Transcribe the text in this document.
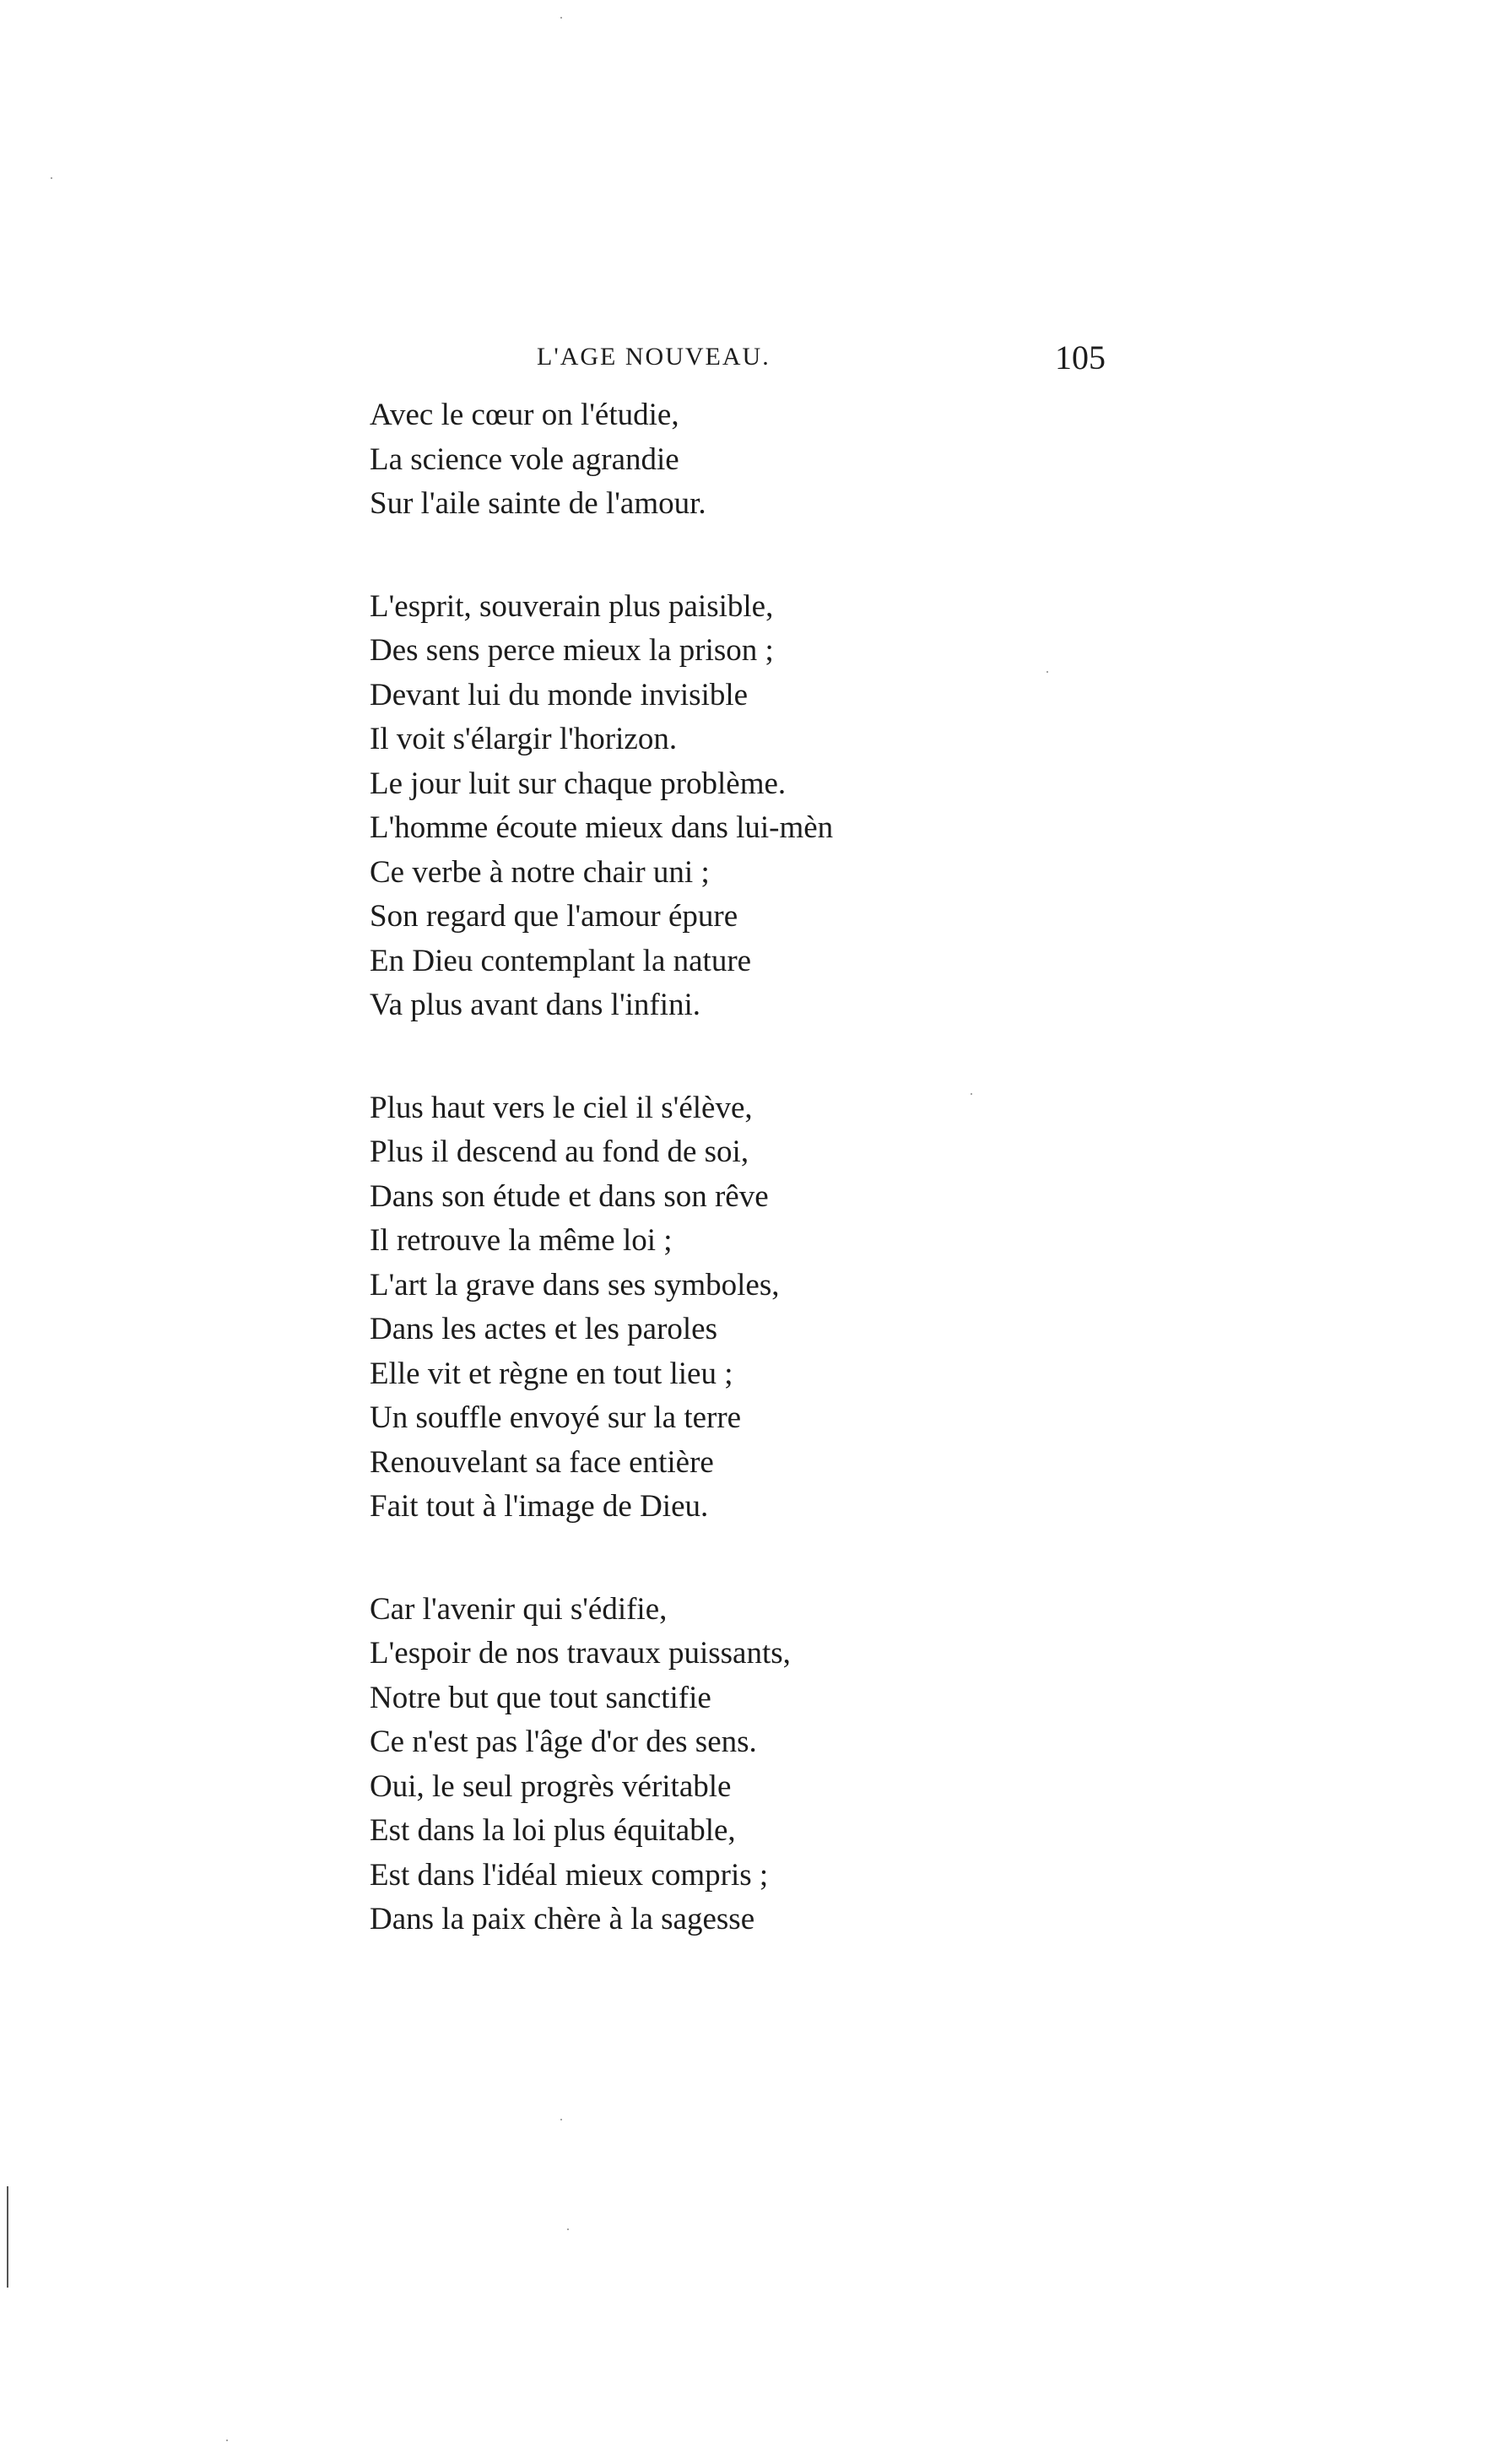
L'AGE NOUVEAU.	105
Avec le cœur on l'étudie,
La science vole agrandie
Sur l'aile sainte de l'amour.
L'esprit, souverain plus paisible,
Des sens perce mieux la prison ;
Devant lui du monde invisible
Il voit s'élargir l'horizon.
Le jour luit sur chaque problème.
L'homme écoute mieux dans lui-mèn
Ce verbe à notre chair uni ;
Son regard que l'amour épure
En Dieu contemplant la nature
Va plus avant dans l'infini.
Plus haut vers le ciel il s'élève,
Plus il descend au fond de soi,
Dans son étude et dans son rêve
Il retrouve la même loi ;
L'art la grave dans ses symboles,
Dans les actes et les paroles
Elle vit et règne en tout lieu ;
Un souffle envoyé sur la terre
Renouvelant sa face entière
Fait tout à l'image de Dieu.
Car l'avenir qui s'édifie,
L'espoir de nos travaux puissants,
Notre but que tout sanctifie
Ce n'est pas l'âge d'or des sens.
Oui, le seul progrès véritable
Est dans la loi plus équitable,
Est dans l'idéal mieux compris ;
Dans la paix chère à la sagesse
